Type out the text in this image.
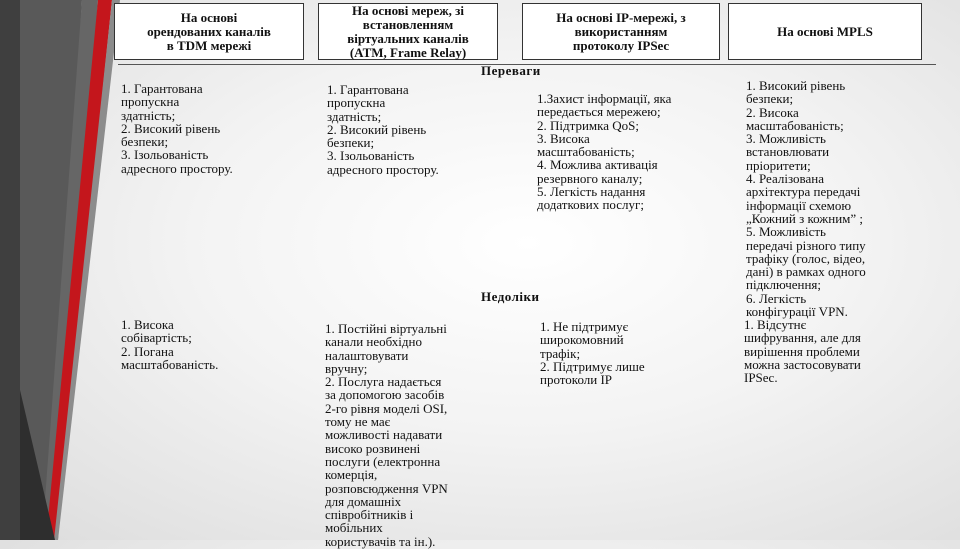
На основі
орендованих каналів
в TDM мережі
На основі мереж, зі
встановленням
віртуальних каналів
(ATM, Frame Relay)
На основі IP-мережі, з
використанням
протоколу IPSec
На основі MPLS
Переваги
1. Гарантована
пропускна
здатність;
2. Високий рівень
безпеки;
3. Ізольованість
адресного простору.
1. Гарантована
пропускна
здатність;
2. Високий рівень
безпеки;
3. Ізольованість
адресного простору.
1.Захист інформації, яка
передається мережею;
2. Підтримка QoS;
3. Висока
масштабованість;
4. Можлива активація
резервного каналу;
5. Легкість надання
додаткових послуг;
1. Високий рівень
безпеки;
2. Висока
масштабованість;
3. Можливість
встановлювати
пріоритети;
4. Реалізована
архітектура передачі
інформації схемою
„Кожний з кожним” ;
5. Можливість
передачі різного типу
трафіку (голос, відео,
дані) в рамках одного
підключення;
6. Легкість
конфігурації VPN.
Недоліки
1. Висока
собівартість;
2. Погана
масштабованість.
1. Постійні віртуальні
канали необхідно
налаштовувати
вручну;
2. Послуга надається
за допомогою засобів
2-го рівня моделі OSI,
тому не має
можливості надавати
високо розвинені
послуги (електронна
комерція,
розповсюдження VPN
для домашніх
співробітників і
мобільних
користувачів та ін.).
1. Не підтримує
широкомовний
трафік;
2. Підтримує лише
протоколи IP
1. Відсутнє
шифрування, але для
вирішення проблеми
можна застосовувати
IPSec.
